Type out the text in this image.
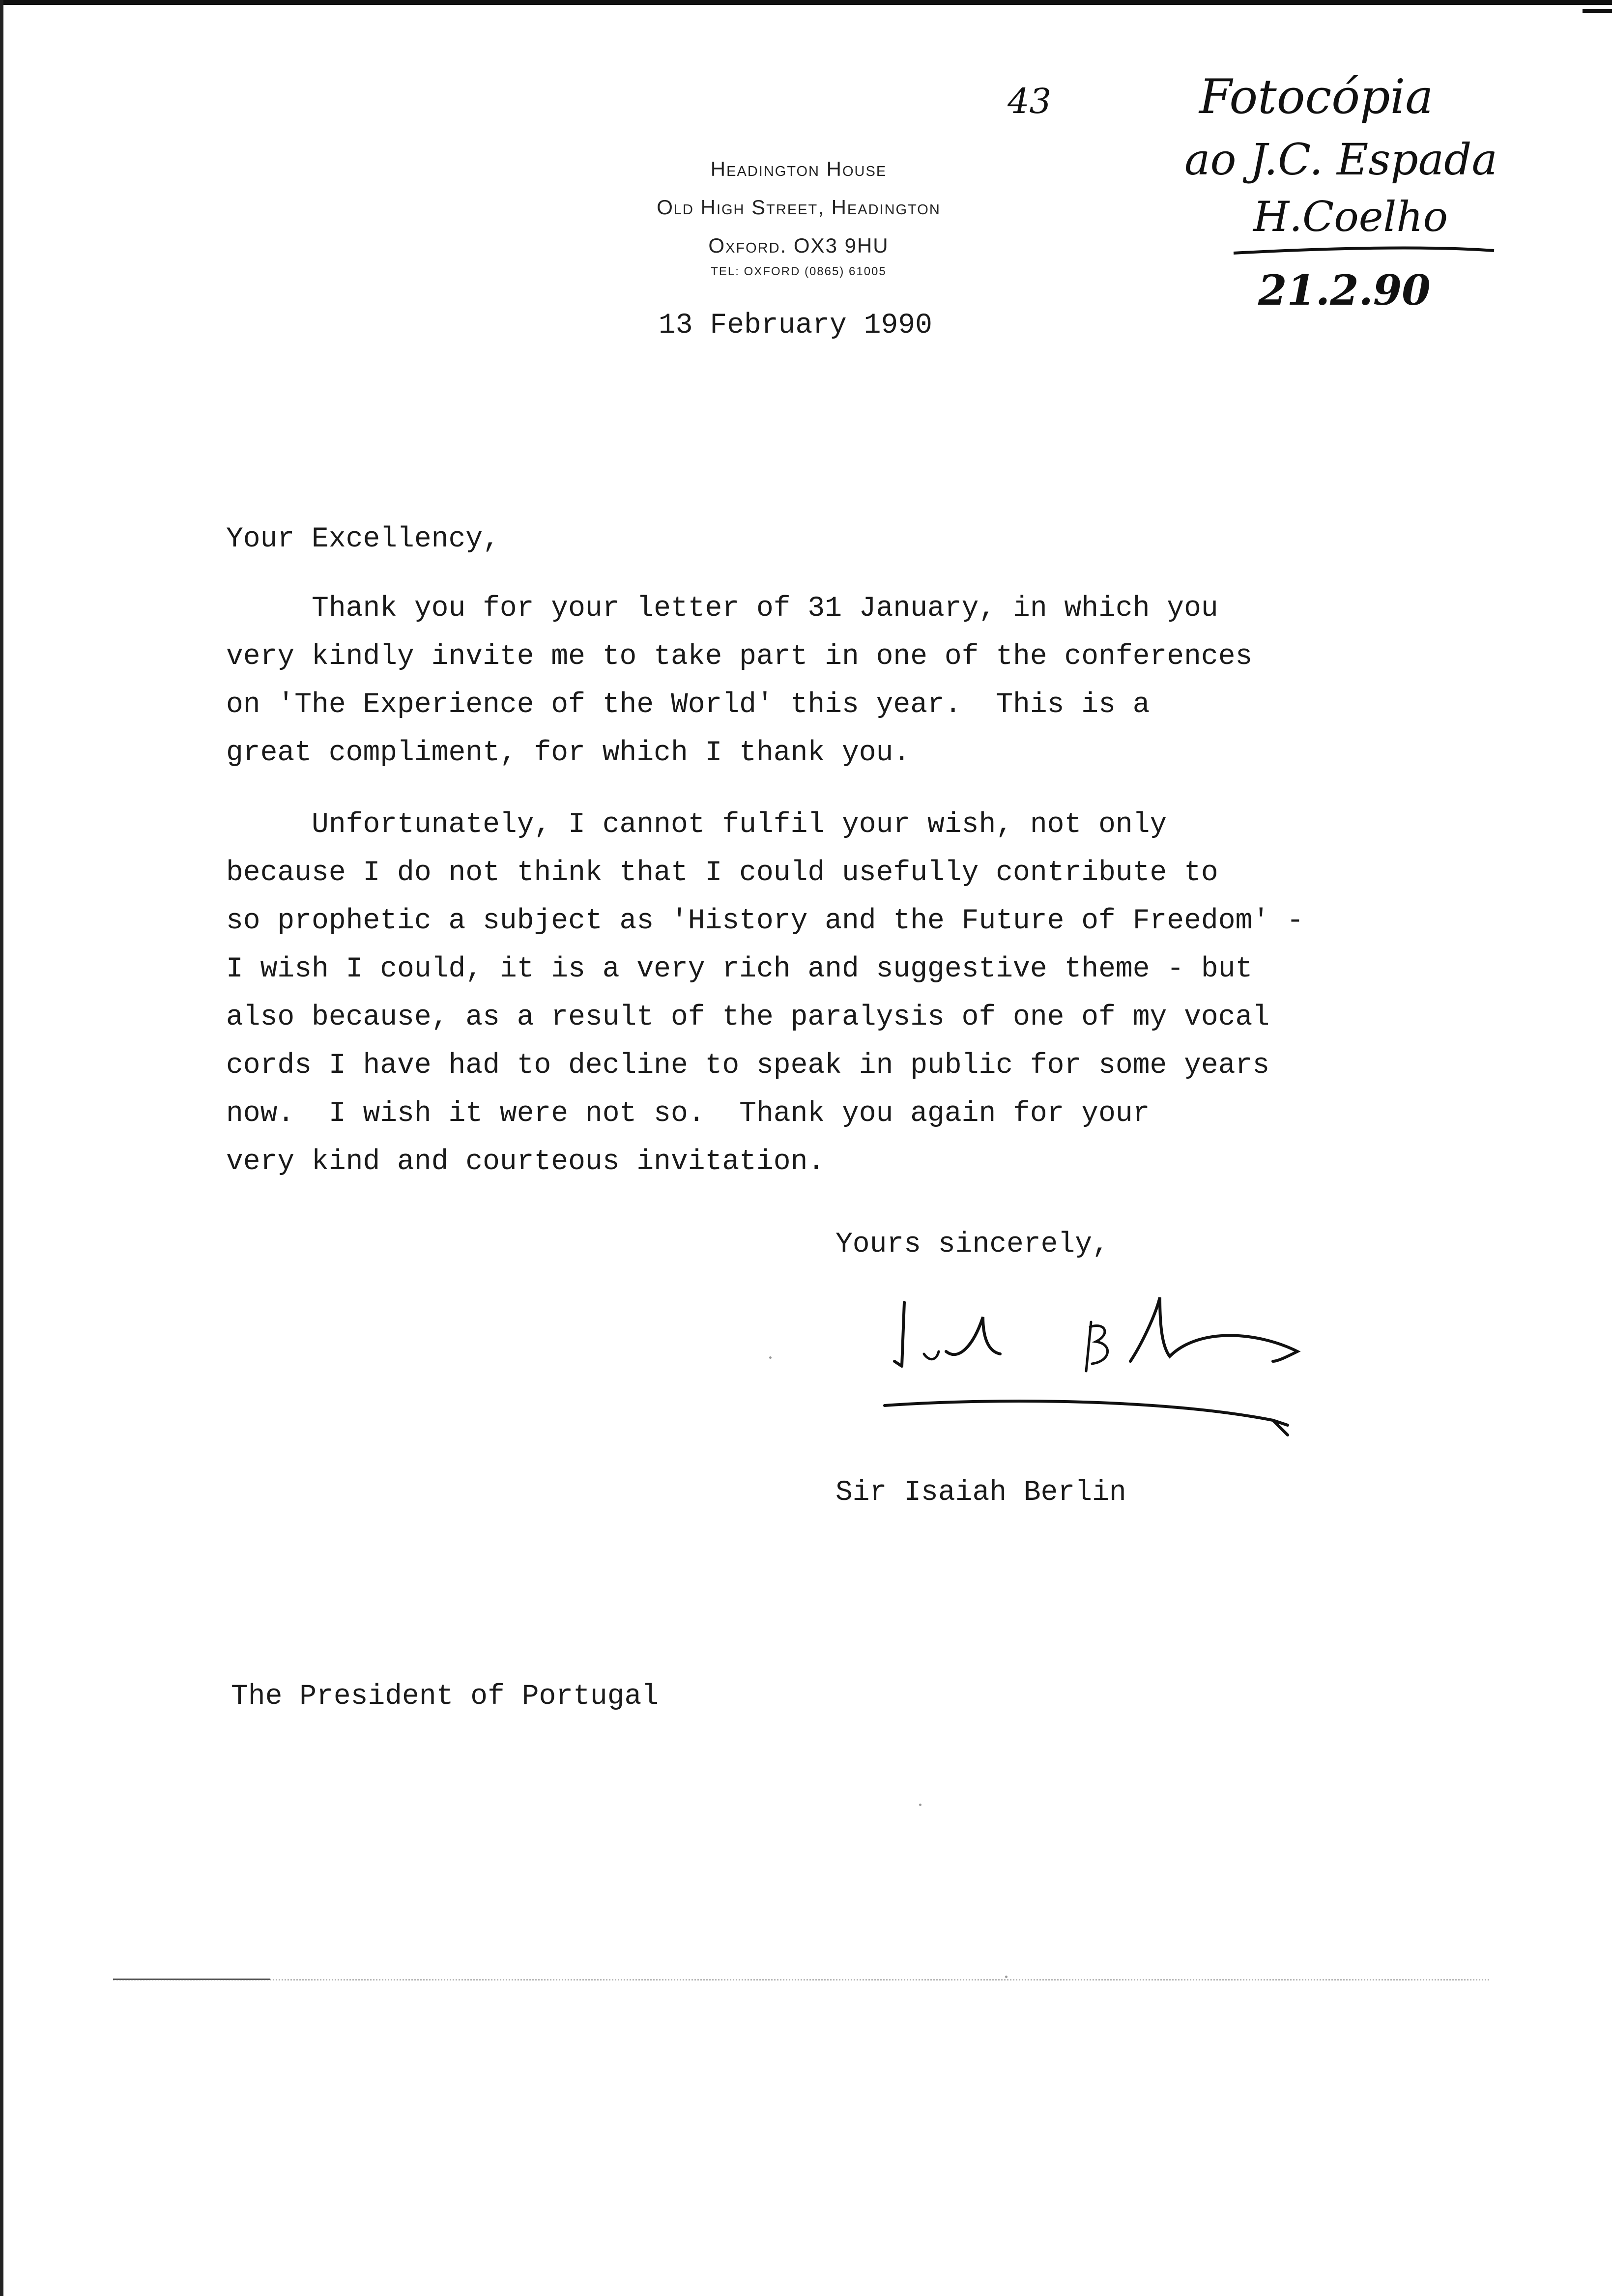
43	Fotocópia
ao J.C. Espada
H.Coelho
21.2.90
Headington House
Old High Street, Headington
Oxford. OX3 9HU
TEL: OXFORD (0865) 61005
13 February 1990
Your Excellency,
Thank you for your letter of 31 January, in which you
very kindly invite me to take part in one of the conferences
on 'The Experience of the World' this year.  This is a
great compliment, for which I thank you.
Unfortunately, I cannot fulfil your wish, not only
because I do not think that I could usefully contribute to
so prophetic a subject as 'History and the Future of Freedom' -
I wish I could, it is a very rich and suggestive theme - but
also because, as a result of the paralysis of one of my vocal
cords I have had to decline to speak in public for some years
now.  I wish it were not so.  Thank you again for your
very kind and courteous invitation.
Yours sincerely,
Sir Isaiah Berlin
The President of Portugal
